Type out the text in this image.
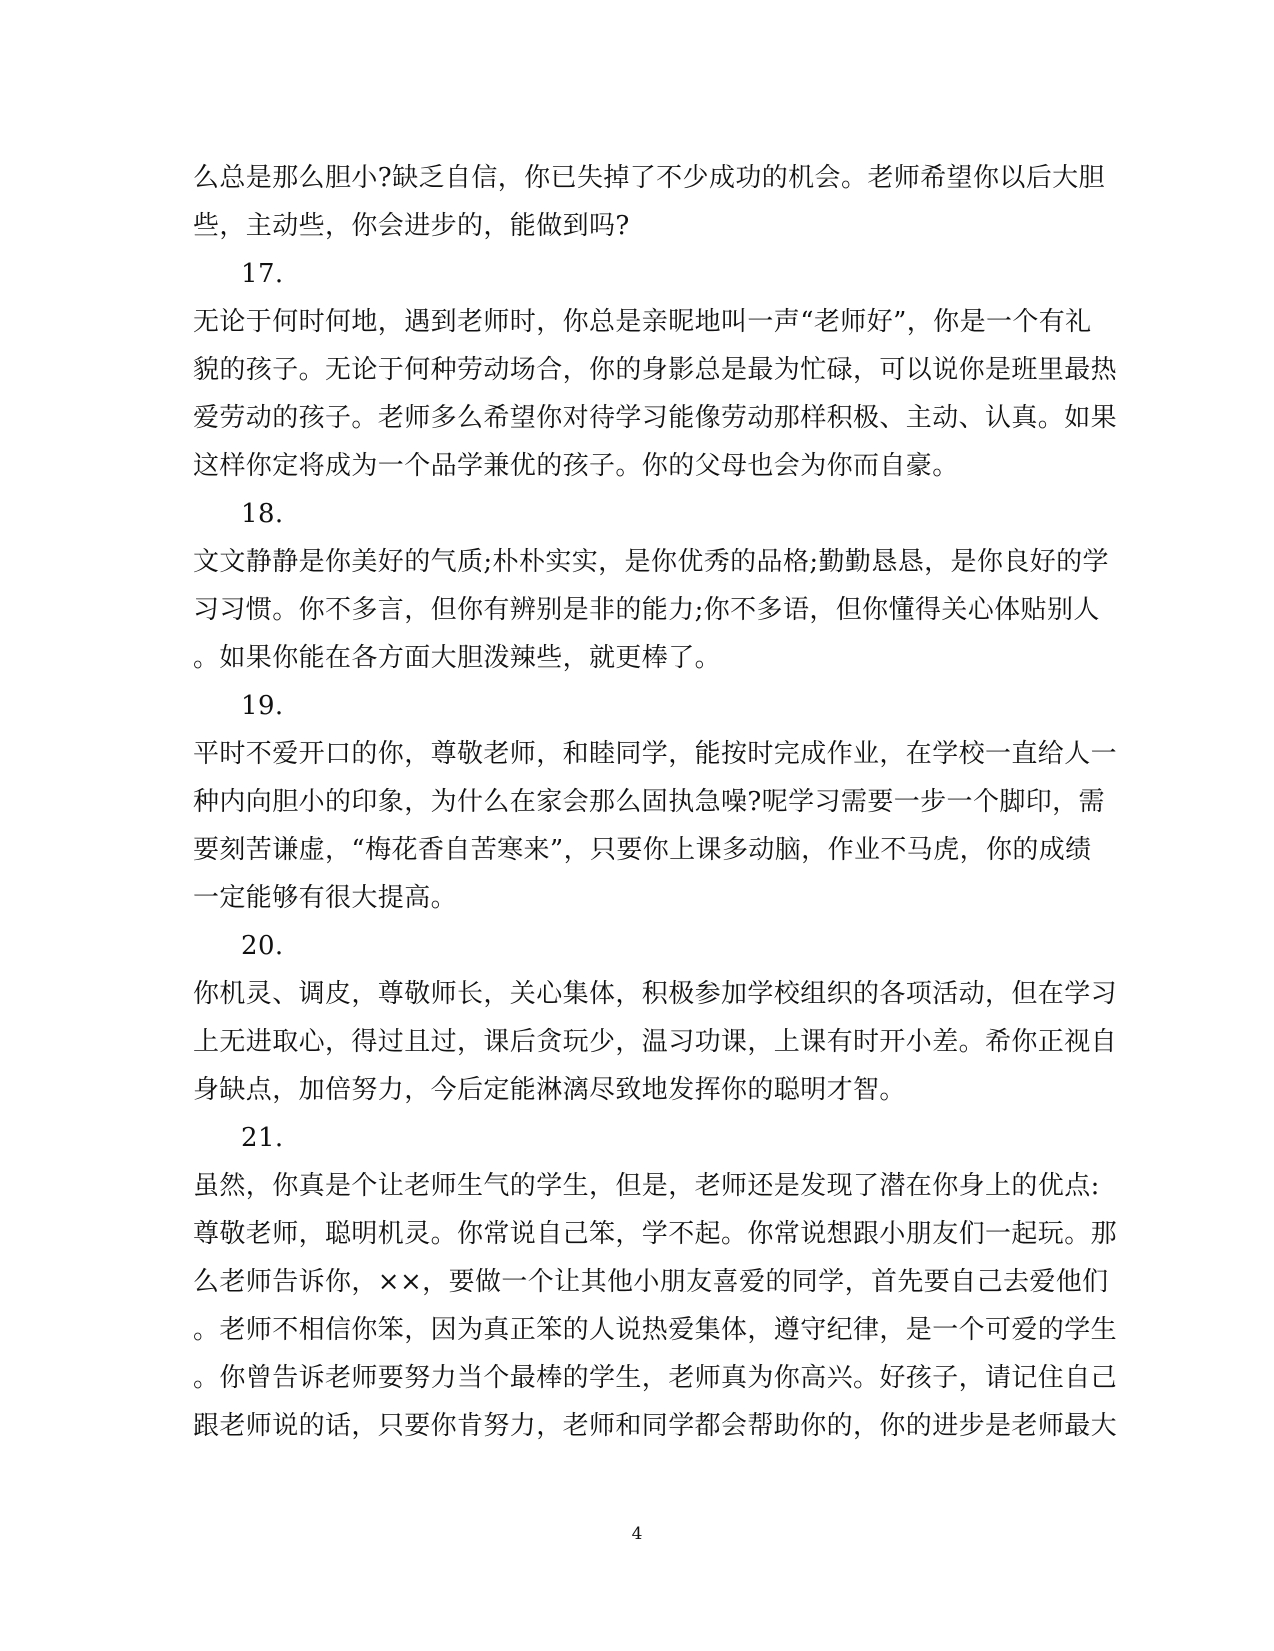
么总是那么胆小?缺乏自信，你已失掉了不少成功的机会。老师希望你以后大胆
些，主动些，你会进步的，能做到吗?
17.
无论于何时何地，遇到老师时，你总是亲昵地叫一声“老师好”，你是一个有礼
貌的孩子。无论于何种劳动场合，你的身影总是最为忙碌，可以说你是班里最热
爱劳动的孩子。老师多么希望你对待学习能像劳动那样积极、主动、认真。如果
这样你定将成为一个品学兼优的孩子。你的父母也会为你而自豪。
18.
文文静静是你美好的气质;朴朴实实，是你优秀的品格;勤勤恳恳，是你良好的学
习习惯。你不多言，但你有辨别是非的能力;你不多语，但你懂得关心体贴别人
。如果你能在各方面大胆泼辣些，就更棒了。
19.
平时不爱开口的你，尊敬老师，和睦同学，能按时完成作业，在学校一直给人一
种内向胆小的印象，为什么在家会那么固执急噪?呢学习需要一步一个脚印，需
要刻苦谦虚，“梅花香自苦寒来”，只要你上课多动脑，作业不马虎，你的成绩
一定能够有很大提高。
20.
你机灵、调皮，尊敬师长，关心集体，积极参加学校组织的各项活动，但在学习
上无进取心，得过且过，课后贪玩少，温习功课，上课有时开小差。希你正视自
身缺点，加倍努力，今后定能淋漓尽致地发挥你的聪明才智。
21.
虽然，你真是个让老师生气的学生，但是，老师还是发现了潜在你身上的优点:
尊敬老师，聪明机灵。你常说自己笨，学不起。你常说想跟小朋友们一起玩。那
么老师告诉你，××，要做一个让其他小朋友喜爱的同学，首先要自己去爱他们
。老师不相信你笨，因为真正笨的人说热爱集体，遵守纪律，是一个可爱的学生
。你曾告诉老师要努力当个最棒的学生，老师真为你高兴。好孩子，请记住自己
跟老师说的话，只要你肯努力，老师和同学都会帮助你的，你的进步是老师最大
4
